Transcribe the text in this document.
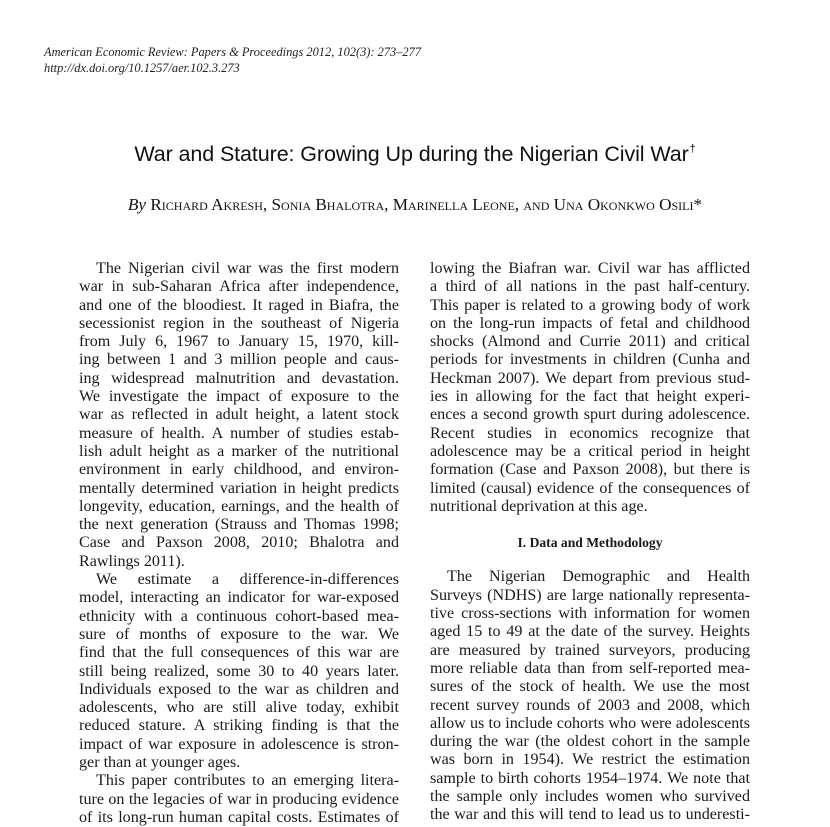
American Economic Review: Papers & Proceedings 2012, 102(3): 273–277
http://dx.doi.org/10.1257/aer.102.3.273
War and Stature: Growing Up during the Nigerian Civil War†
By Richard Akresh, Sonia Bhalotra, Marinella Leone, and Una Okonkwo Osili*
The Nigerian civil war was the first modern
war in sub-Saharan Africa after independence,
and one of the bloodiest. It raged in Biafra, the
secessionist region in the southeast of Nigeria
from July 6, 1967 to January 15, 1970, kill-
ing between 1 and 3 million people and caus-
ing widespread malnutrition and devastation.
We investigate the impact of exposure to the
war as reflected in adult height, a latent stock
measure of health. A number of studies estab-
lish adult height as a marker of the nutritional
environment in early childhood, and environ-
mentally determined variation in height predicts
longevity, education, earnings, and the health of
the next generation (Strauss and Thomas 1998;
Case and Paxson 2008, 2010; Bhalotra and
Rawlings 2011).
We estimate a difference-in-differences
model, interacting an indicator for war-exposed
ethnicity with a continuous cohort-based mea-
sure of months of exposure to the war. We
find that the full consequences of this war are
still being realized, some 30 to 40 years later.
Individuals exposed to the war as children and
adolescents, who are still alive today, exhibit
reduced stature. A striking finding is that the
impact of war exposure in adolescence is stron-
ger than at younger ages.
This paper contributes to an emerging litera-
ture on the legacies of war in producing evidence
of its long-run human capital costs. Estimates of
lowing the Biafran war. Civil war has afflicted
a third of all nations in the past half-century.
This paper is related to a growing body of work
on the long-run impacts of fetal and childhood
shocks (Almond and Currie 2011) and critical
periods for investments in children (Cunha and
Heckman 2007). We depart from previous stud-
ies in allowing for the fact that height experi-
ences a second growth spurt during adolescence.
Recent studies in economics recognize that
adolescence may be a critical period in height
formation (Case and Paxson 2008), but there is
limited (causal) evidence of the consequences of
nutritional deprivation at this age.
I. Data and Methodology
The Nigerian Demographic and Health
Surveys (NDHS) are large nationally representa-
tive cross-sections with information for women
aged 15 to 49 at the date of the survey. Heights
are measured by trained surveyors, producing
more reliable data than from self-reported mea-
sures of the stock of health. We use the most
recent survey rounds of 2003 and 2008, which
allow us to include cohorts who were adolescents
during the war (the oldest cohort in the sample
was born in 1954). We restrict the estimation
sample to birth cohorts 1954–1974. We note that
the sample only includes women who survived
the war and this will tend to lead us to underesti-
